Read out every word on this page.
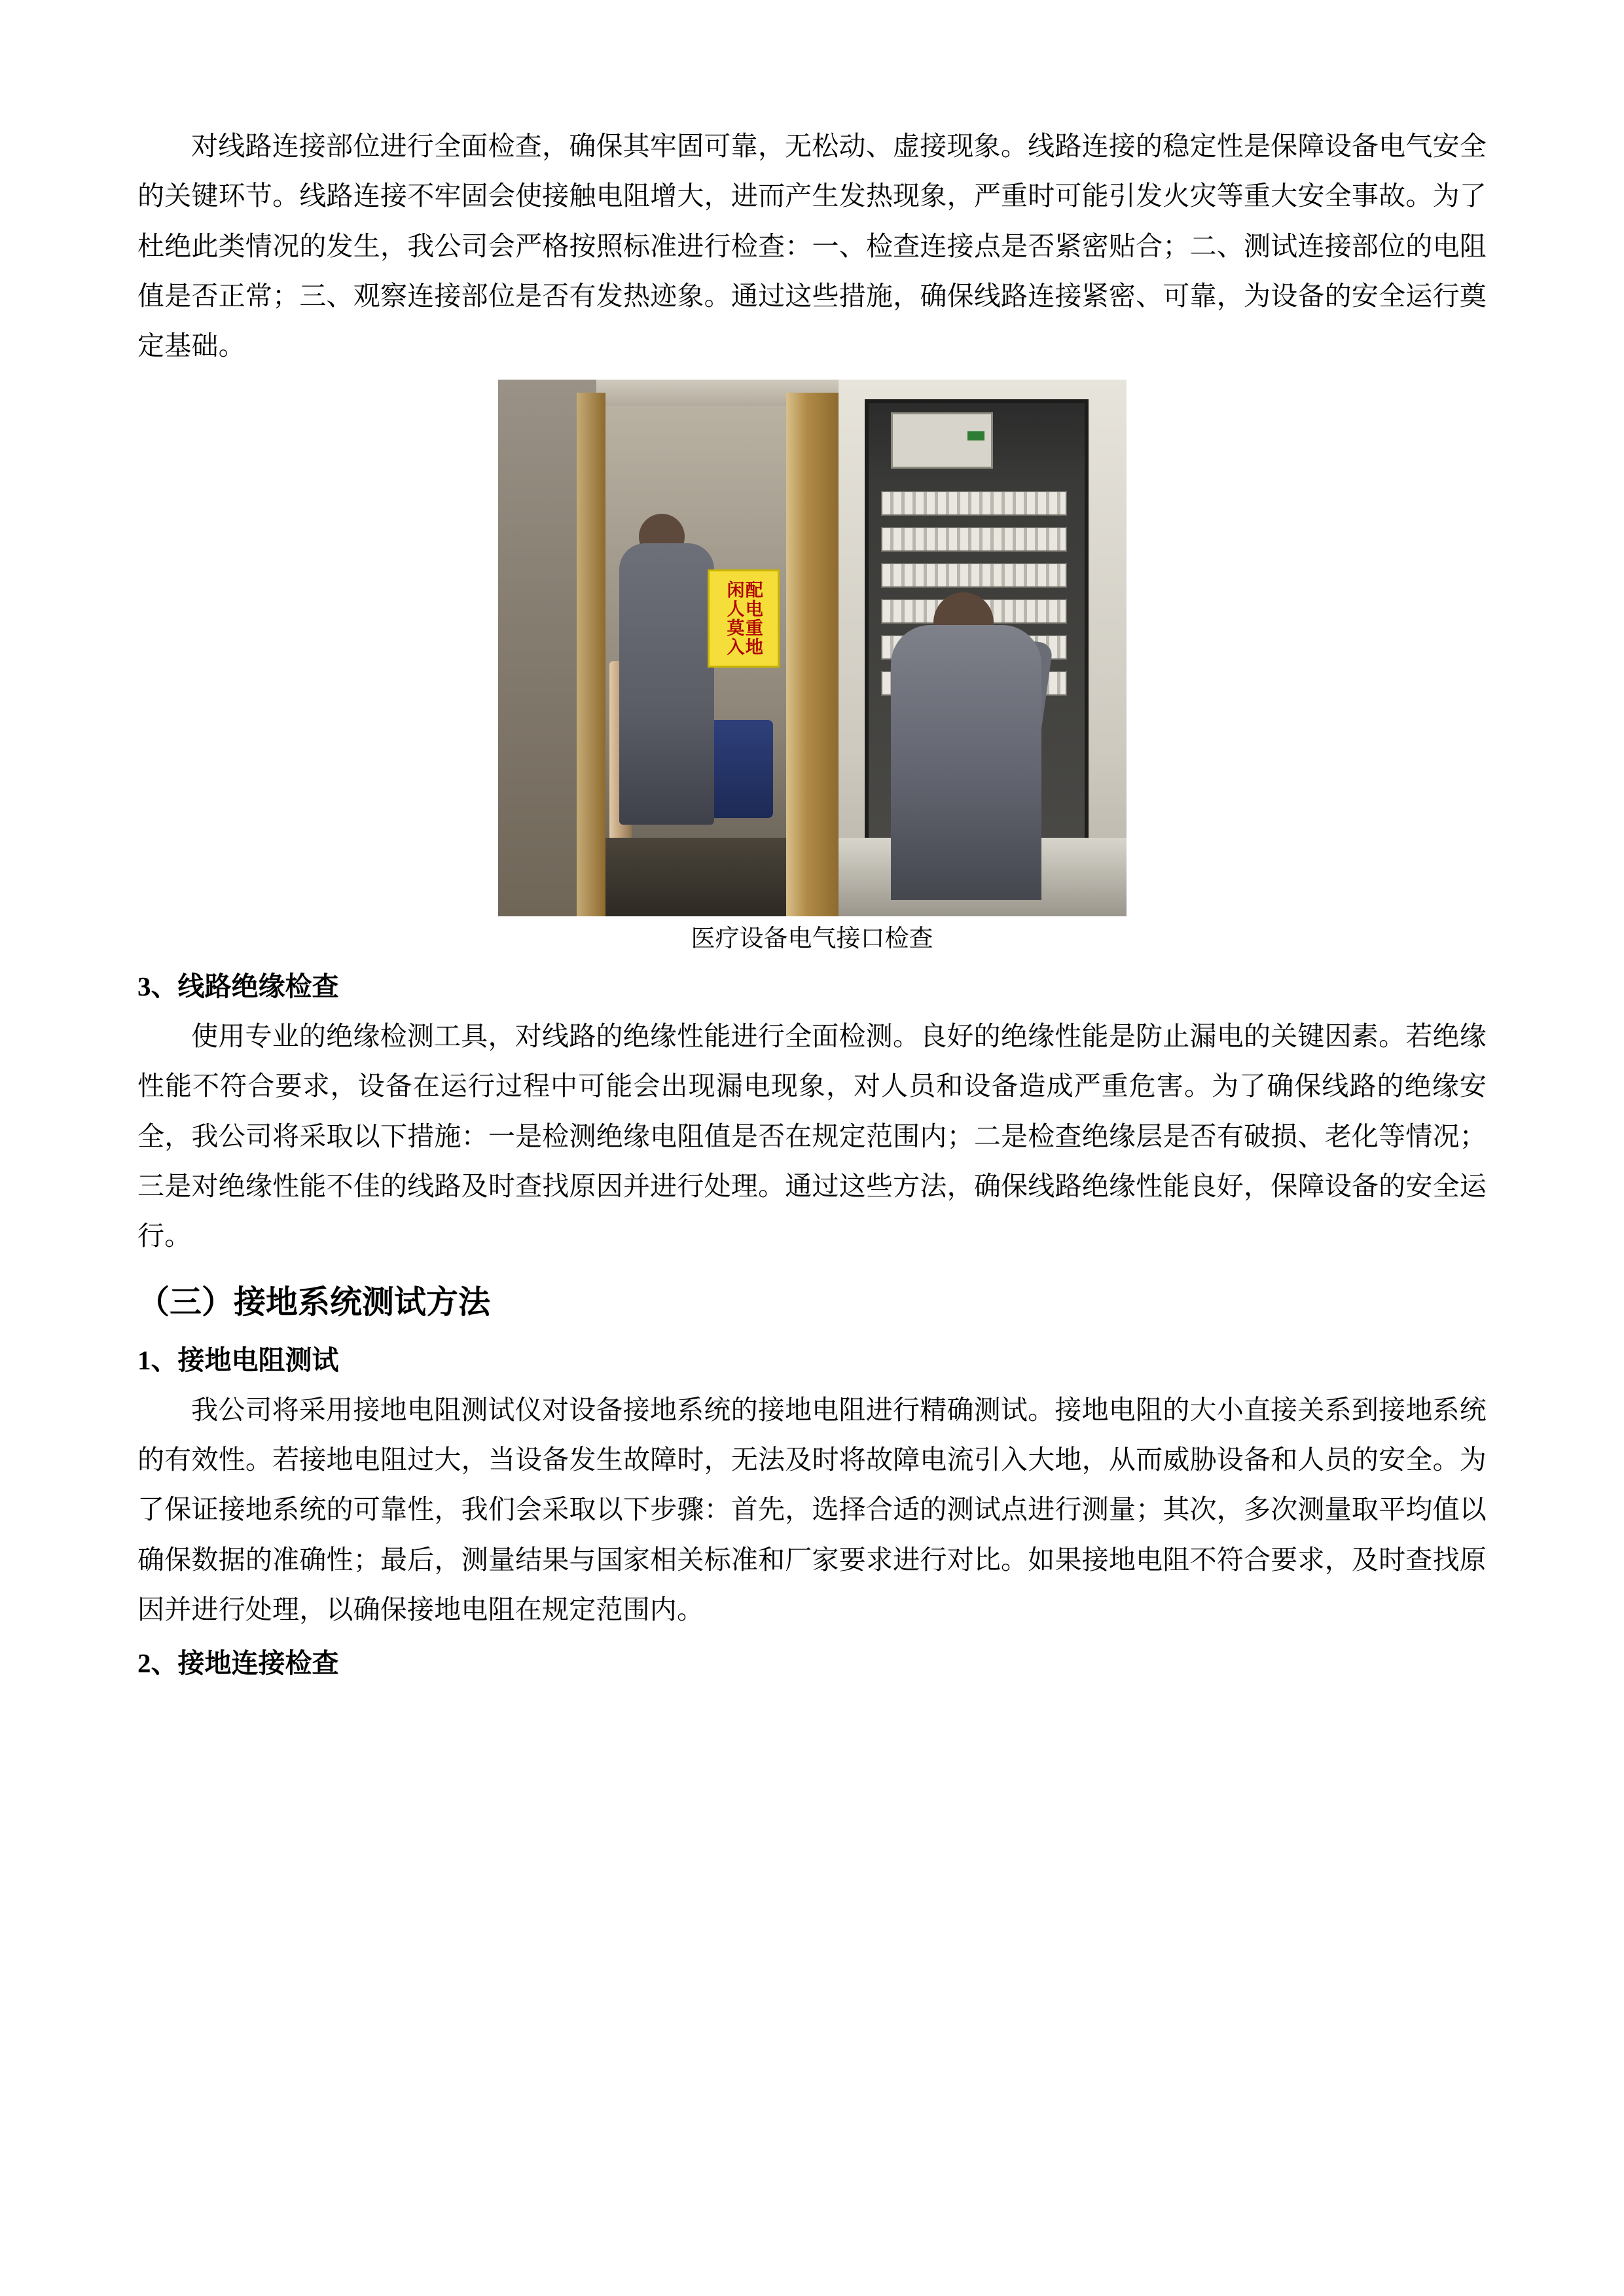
对线路连接部位进行全面检查，确保其牢固可靠，无松动、虚接现象。线路连接的稳定性是保障设备电气安全的关键环节。线路连接不牢固会使接触电阻增大，进而产生发热现象，严重时可能引发火灾等重大安全事故。为了杜绝此类情况的发生，我公司会严格按照标准进行检查：一、检查连接点是否紧密贴合；二、测试连接部位的电阻值是否正常；三、观察连接部位是否有发热迹象。通过这些措施，确保线路连接紧密、可靠，为设备的安全运行奠定基础。

配电重地闲人莫入
医疗设备电气接口检查

3、线路绝缘检查

使用专业的绝缘检测工具，对线路的绝缘性能进行全面检测。良好的绝缘性能是防止漏电的关键因素。若绝缘性能不符合要求，设备在运行过程中可能会出现漏电现象，对人员和设备造成严重危害。为了确保线路的绝缘安全，我公司将采取以下措施：一是检测绝缘电阻值是否在规定范围内；二是检查绝缘层是否有破损、老化等情况；三是对绝缘性能不佳的线路及时查找原因并进行处理。通过这些方法，确保线路绝缘性能良好，保障设备的安全运行。

（三）接地系统测试方法

1、接地电阻测试

我公司将采用接地电阻测试仪对设备接地系统的接地电阻进行精确测试。接地电阻的大小直接关系到接地系统的有效性。若接地电阻过大，当设备发生故障时，无法及时将故障电流引入大地，从而威胁设备和人员的安全。为了保证接地系统的可靠性，我们会采取以下步骤：首先，选择合适的测试点进行测量；其次，多次测量取平均值以确保数据的准确性；最后，测量结果与国家相关标准和厂家要求进行对比。如果接地电阻不符合要求，及时查找原因并进行处理，以确保接地电阻在规定范围内。

2、接地连接检查
